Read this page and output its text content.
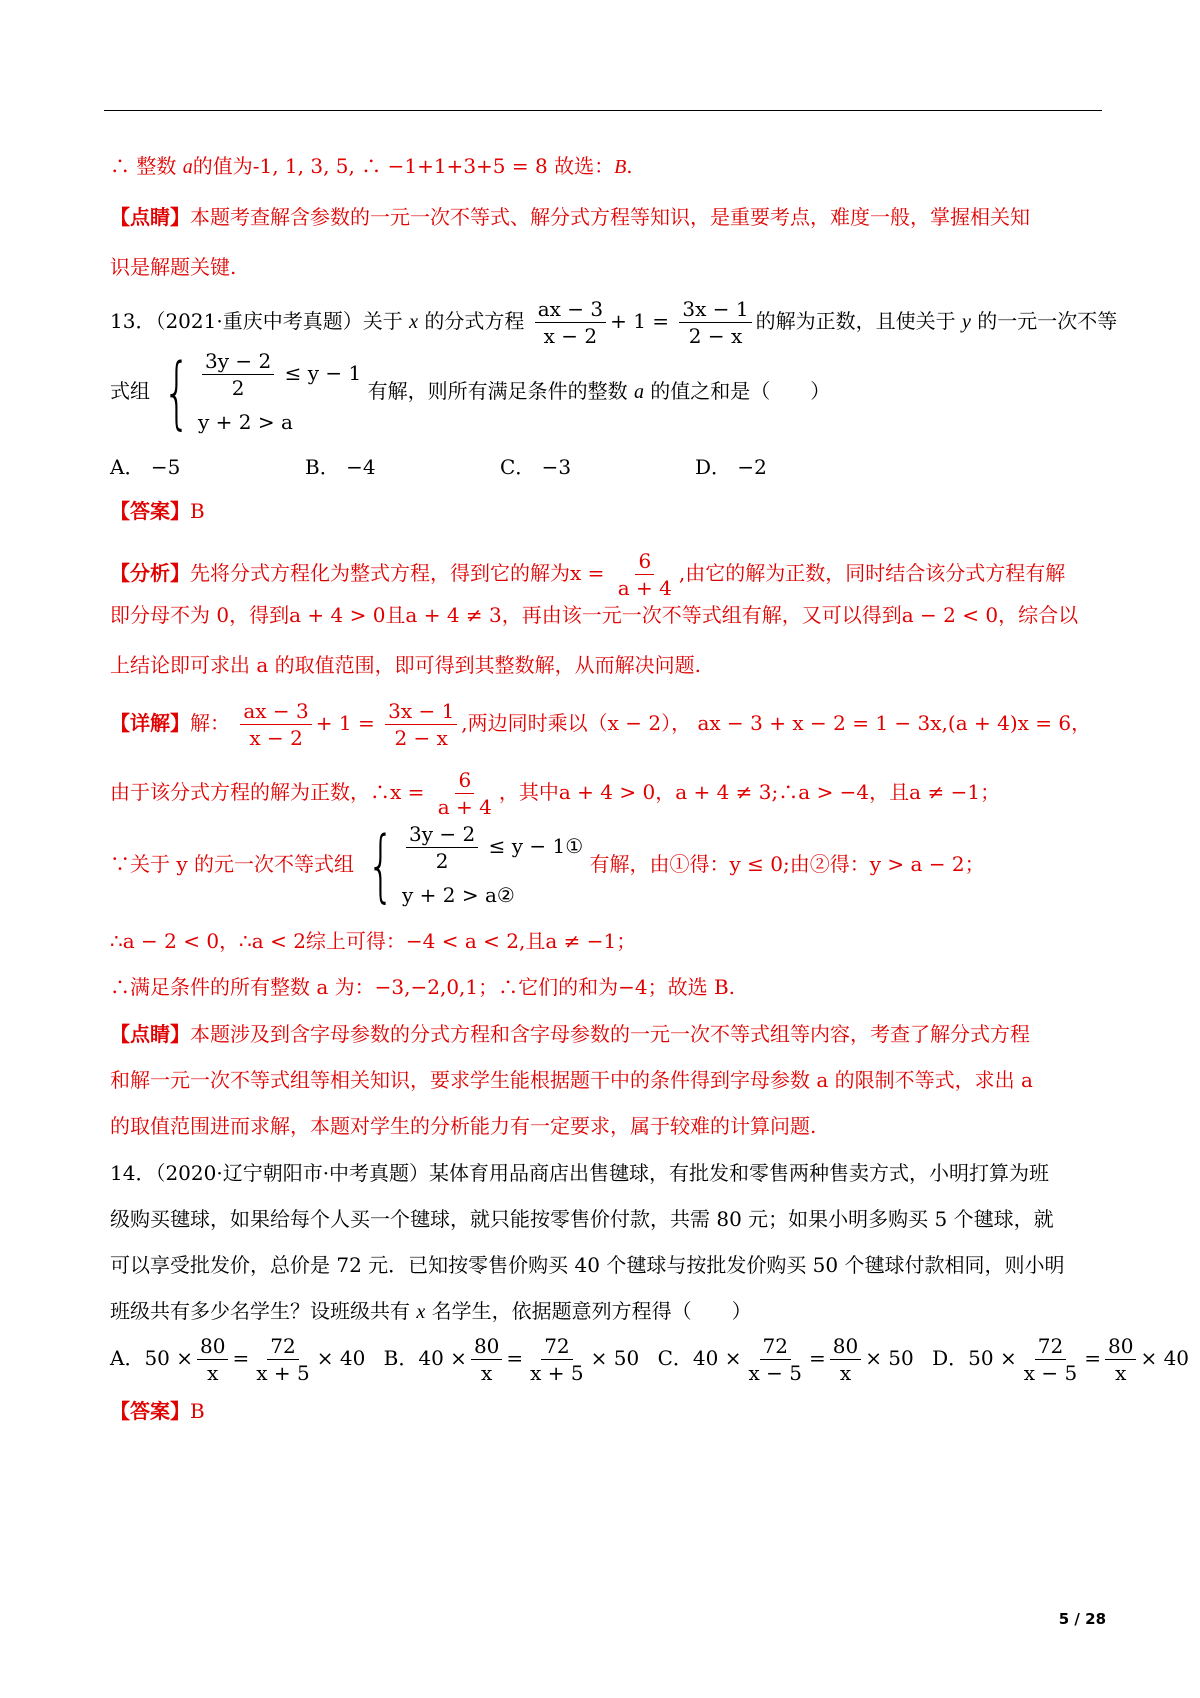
∴ 整数 a的值为-1, 1, 3, 5, ∴ −1+1+3+5 = 8 故选：B.
【点睛】本题考查解含参数的一元一次不等式、解分式方程等知识，是重要考点，难度一般，掌握相关知
识是解题关键.
13．（2021·重庆中考真题）关于 x 的分式方程 $\frac{ax - 3}{x - 2} + 1 = \frac{3x - 1}{2 - x}$ 的解为正数，且使关于 y 的一元一次不等
式组 { $\frac{3y - 2}{2} \le y - 1$
y + 2 > a
有解，则所有满足条件的整数 a 的值之和是（　　）
A． −5	B． −4	C． −3	D． −2
【答案】B
【分析】先将分式方程化为整式方程，得到它的解为$x = \frac{6}{a + 4}$ ,由它的解为正数，同时结合该分式方程有解
即分母不为 0，得到a + 4 > 0且a + 4 ≠ 3，再由该一元一次不等式组有解，又可以得到a − 2 < 0，综合以
上结论即可求出 a 的取值范围，即可得到其整数解，从而解决问题.
【详解】解： $\frac{ax - 3}{x - 2} + 1 = \frac{3x - 1}{2 - x}$ ,两边同时乘以（x − 2）， ax − 3 + x − 2 = 1 − 3x,(a + 4)x = 6，
由于该分式方程的解为正数，∴x = $\frac{6}{a + 4}$ ，其中a + 4 > 0，a + 4 ≠ 3;∴a > −4，且a ≠ −1；
∵关于 y 的元一次不等式组 { $\frac{3y - 2}{2} \le y$ − 1①
y + 2 > a②
有解，由①得：y ≤ 0;由②得：y > a − 2；
∴a − 2 < 0，∴a < 2综上可得：−4 < a < 2,且a ≠ −1；
∴满足条件的所有整数 a 为：−3,−2,0,1；∴它们的和为−4；故选 B.
【点睛】本题涉及到含字母参数的分式方程和含字母参数的一元一次不等式组等内容，考查了解分式方程
和解一元一次不等式组等相关知识，要求学生能根据题干中的条件得到字母参数 a 的限制不等式，求出 a
的取值范围进而求解，本题对学生的分析能力有一定要求，属于较难的计算问题.
14．（2020·辽宁朝阳市·中考真题）某体育用品商店出售毽球，有批发和零售两种售卖方式，小明打算为班
级购买毽球，如果给每个人买一个毽球，就只能按零售价付款，共需 80 元；如果小明多购买 5 个毽球，就
可以享受批发价，总价是 72 元．已知按零售价购买 40 个毽球与按批发价购买 50 个毽球付款相同，则小明
班级共有多少名学生？设班级共有 x 名学生，依据题意列方程得（　　）
A．$50 \times \frac{80}{x} = \frac{72}{x + 5} \times 40$ B．$40 \times \frac{80}{x} = \frac{72}{x + 5} \times 50$ C．$40 \times \frac{72}{x - 5} = \frac{80}{x} \times 50$ D．$50 \times \frac{72}{x - 5} = \frac{80}{x} \times 40$
【答案】B
5 / 28
